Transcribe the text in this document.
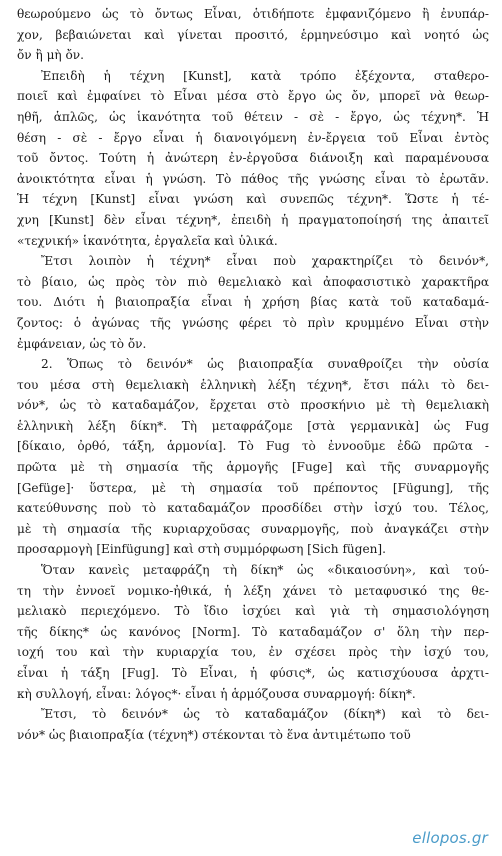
θεωρούμενο ὡς τὸ ὄντως Εἶναι, ὁτιδήποτε ἐμφανιζόμενο ἢ ἐνυπάρ-
χον, βεβαιώνεται καὶ γίνεται προσιτό, ἑρμηνεύσιμο καὶ νοητό ὡς
ὄν ἢ μὴ ὄν.
Ἐπειδὴ ἡ τέχνη [Kunst], κατὰ τρόπο ἐξέχοντα, σταθερο-
ποιεῖ καὶ ἐμφαίνει τὸ Εἶναι μέσα στὸ ἔργο ὡς ὄν, μπορεῖ νὰ θεωρ-
ηθῆ, ἁπλῶς, ὡς ἱκανότητα τοῦ θέτειν - σὲ - ἔργο, ὡς τέχνη*. Ἡ
θέση - σὲ - ἔργο εἶναι ἡ διανοιγόμενη ἐν-ἔργεια τοῦ Εἶναι ἐντὸς
τοῦ ὄντος. Τούτη ἡ ἀνώτερη ἐν-ἐργοῦσα διάνοιξη καὶ παραμένουσα
ἀνοικτότητα εἶναι ἡ γνώση. Τὸ πάθος τῆς γνώσης εἶναι τὸ ἐρωτᾶν.
Ἡ τέχνη [Kunst] εἶναι γνώση καὶ συνεπῶς τέχνη*. Ὥστε ἡ τέ-
χνη [Kunst] δὲν εἶναι τέχνη*, ἐπειδὴ ἡ πραγματοποίησή της ἀπαιτεῖ
«τεχνική» ἱκανότητα, ἐργαλεῖα καὶ ὑλικά.
Ἔτσι λοιπὸν ἡ τέχνη* εἶναι ποὺ χαρακτηρίζει τὸ δεινόν*,
τὸ βίαιο, ὡς πρὸς τὸν πιὸ θεμελιακὸ καὶ ἀποφασιστικὸ χαρακτῆρα
του. Διότι ἡ βιαιοπραξία εἶναι ἡ χρήση βίας κατὰ τοῦ καταδαμά-
ζοντος: ὁ ἀγώνας τῆς γνώσης φέρει τὸ πρὶν κρυμμένο Εἶναι στὴν
ἐμφάνειαν, ὡς τὸ ὄν.
2. Ὅπως τὸ δεινόν* ὡς βιαιοπραξία συναθροίζει τὴν οὐσία
του μέσα στὴ θεμελιακὴ ἑλληνικὴ λέξη τέχνη*, ἔτσι πάλι τὸ δει-
νόν*, ὡς τὸ καταδαμάζον, ἔρχεται στὸ προσκήνιο μὲ τὴ θεμελιακὴ
ἑλληνικὴ λέξη δίκη*. Τὴ μεταφράζομε [στὰ γερμανικὰ] ὡς Fug
[δίκαιο, ὀρθό, τάξη, ἁρμονία]. Τὸ Fug τὸ ἐννοοῦμε ἐδῶ πρῶτα -
πρῶτα μὲ τὴ σημασία τῆς ἁρμογῆς [Fuge] καὶ τῆς συναρμογῆς
[Gefüge]· ὕστερα, μὲ τὴ σημασία τοῦ πρέποντος [Fügung], τῆς
κατεύθυνσης ποὺ τὸ καταδαμάζον προσδίδει στὴν ἰσχύ του. Τέλος,
μὲ τὴ σημασία τῆς κυριαρχοῦσας συναρμογῆς, ποὺ ἀναγκάζει στὴν
προσαρμογὴ [Einfügung] καὶ στὴ συμμόρφωση [Sich fügen].
Ὅταν κανεὶς μεταφράζη τὴ δίκη* ὡς «δικαιοσύνη», καὶ τού-
τη τὴν ἐννοεῖ νομικο-ἠθικά, ἡ λέξη χάνει τὸ μεταφυσικό της θε-
μελιακὸ περιεχόμενο. Τὸ ἴδιο ἰσχύει καὶ γιὰ τὴ σημασιολόγηση
τῆς δίκης* ὡς κανόνος [Norm]. Τὸ καταδαμάζον σ' ὅλη τὴν περ-
ιοχή του καὶ τὴν κυριαρχία του, ἐν σχέσει πρὸς τὴν ἰσχύ του,
εἶναι ἡ τάξη [Fug]. Τὸ Εἶναι, ἡ φύσις*, ὡς κατισχύουσα ἀρχτι-
κὴ συλλογή, εἶναι: λόγος*· εἶναι ἡ ἁρμόζουσα συναρμογή: δίκη*.
Ἔτσι, τὸ δεινόν* ὡς τὸ καταδαμάζον (δίκη*) καὶ τὸ δει-
νόν* ὡς βιαιοπραξία (τέχνη*) στέκονται τὸ ἕνα ἀντιμέτωπο τοῦ
ellopos.gr
